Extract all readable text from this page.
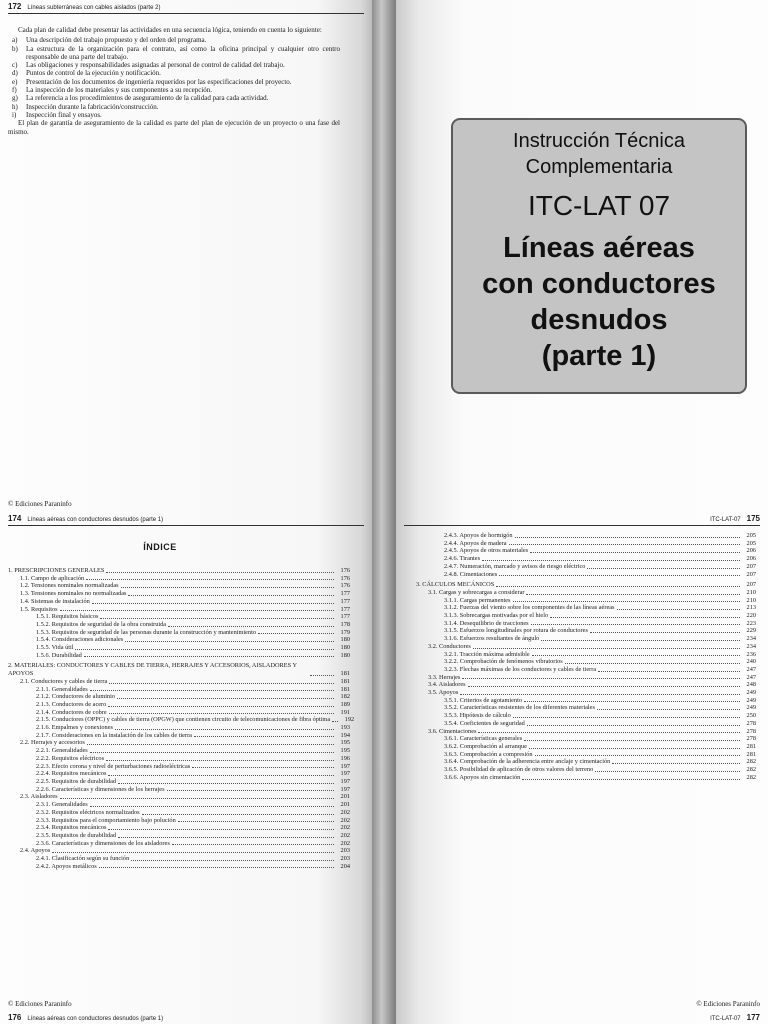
172 Líneas subterráneas con cables aislados (parte 2)

Cada plan de calidad debe presentar las actividades en una secuencia lógica, teniendo en cuenta lo siguiente:

a)	Una descripción del trabajo propuesto y del orden del programa.
b)	La estructura de la organización para el contrato, así como la oficina principal y cualquier otro centro responsable de una parte del trabajo.
c)	Las obligaciones y responsabilidades asignadas al personal de control de calidad del trabajo.
d)	Puntos de control de la ejecución y notificación.
e)	Presentación de los documentos de ingeniería requeridos por las especificaciones del proyecto.
f)	La inspección de los materiales y sus componentes a su recepción.
g)	La referencia a los procedimientos de aseguramiento de la calidad para cada actividad.
h)	Inspección durante la fabricación/construcción.
i)	Inspección final y ensayos.

El plan de garantía de aseguramiento de la calidad es parte del plan de ejecución de un proyecto o una fase del mismo.

© Ediciones Paraninfo
Instrucción Técnica
Complementaria
ITC-LAT 07
Líneas aéreas
con conductores
desnudos
(parte 1)
174 Líneas aéreas con conductores desnudos (parte 1)
ÍNDICE
1. PRESCRIPCIONES GENERALES	176
1.1. Campo de aplicación	176
1.2. Tensiones nominales normalizadas	176
1.3. Tensiones nominales no normalizadas	177
1.4. Sistemas de instalación	177
1.5. Requisitos	177
1.5.1. Requisitos básicos	177
1.5.2. Requisitos de seguridad de la obra construida	178
1.5.3. Requisitos de seguridad de las personas durante la construcción y mantenimiento	179
1.5.4. Consideraciones adicionales	180
1.5.5. Vida útil	180
1.5.6. Durabilidad	180
2. MATERIALES: CONDUCTORES Y CABLES DE TIERRA, HERRAJES Y ACCESORIOS, AISLADORES Y APOYOS	181
2.1. Conductores y cables de tierra	181
2.1.1. Generalidades	181
2.1.2. Conductores de aluminio	182
2.1.3. Conductores de acero	189
2.1.4. Conductores de cobre	191
2.1.5. Conductores (OPPC) y cables de tierra (OPGW) que contienen circuito de telecomunicaciones de fibra óptima	192
2.1.6. Empalmes y conexiones	193
2.1.7. Consideraciones en la instalación de los cables de tierra	194
2.2. Herrajes y accesorios	195
2.2.1. Generalidades	195
2.2.2. Requisitos eléctricos	196
2.2.3. Efecto corona y nivel de perturbaciones radioeléctricas	197
2.2.4. Requisitos mecánicos	197
2.2.5. Requisitos de durabilidad	197
2.2.6. Características y dimensiones de los herrajes	197
2.3. Aisladores	201
2.3.1. Generalidades	201
2.3.2. Requisitos eléctricos normalizados	202
2.3.3. Requisitos para el comportamiento bajo polución	202
2.3.4. Requisitos mecánicos	202
2.3.5. Requisitos de durabilidad	202
2.3.6. Características y dimensiones de los aisladores	202
2.4. Apoyos	203
2.4.1. Clasificación según su función	203
2.4.2. Apoyos metálicos	204
© Ediciones Paraninfo
176 Líneas aéreas con conductores desnudos (parte 1)
ITC-LAT-07 175
2.4.3. Apoyos de hormigón	205
2.4.4. Apoyos de madera	205
2.4.5. Apoyos de otros materiales	206
2.4.6. Tirantes	206
2.4.7. Numeración, marcado y avisos de riesgo eléctrico	207
2.4.8. Cimentaciones	207
3. CÁLCULOS MECÁNICOS	207
3.1. Cargas y sobrecargas a considerar	210
3.1.1. Cargas permanentes	210
3.1.2. Fuerzas del viento sobre los componentes de las líneas aéreas	213
3.1.3. Sobrecargas motivadas por el hielo	220
3.1.4. Desequilibrio de tracciones	223
3.1.5. Esfuerzos longitudinales por rotura de conductores	229
3.1.6. Esfuerzos resultantes de ángulo	234
3.2. Conductores	234
3.2.1. Tracción máxima admisible	236
3.2.2. Comprobación de fenómenos vibratorios	240
3.2.3. Flechas máximas de los conductores y cables de tierra	247
3.3. Herrajes	247
3.4. Aisladores	248
3.5. Apoyos	249
3.5.1. Criterios de agotamiento	249
3.5.2. Características resistentes de los diferentes materiales	249
3.5.3. Hipótesis de cálculo	250
3.5.4. Coeficientes de seguridad	278
3.6. Cimentaciones	278
3.6.1. Características generales	278
3.6.2. Comprobación al arranque	281
3.6.3. Comprobación a compresión	281
3.6.4. Comprobación de la adherencia entre anclaje y cimentación	282
3.6.5. Posibilidad de aplicación de otros valores del terreno	282
3.6.6. Apoyos sin cimentación	282
© Ediciones Paraninfo
ITC-LAT-07 177
